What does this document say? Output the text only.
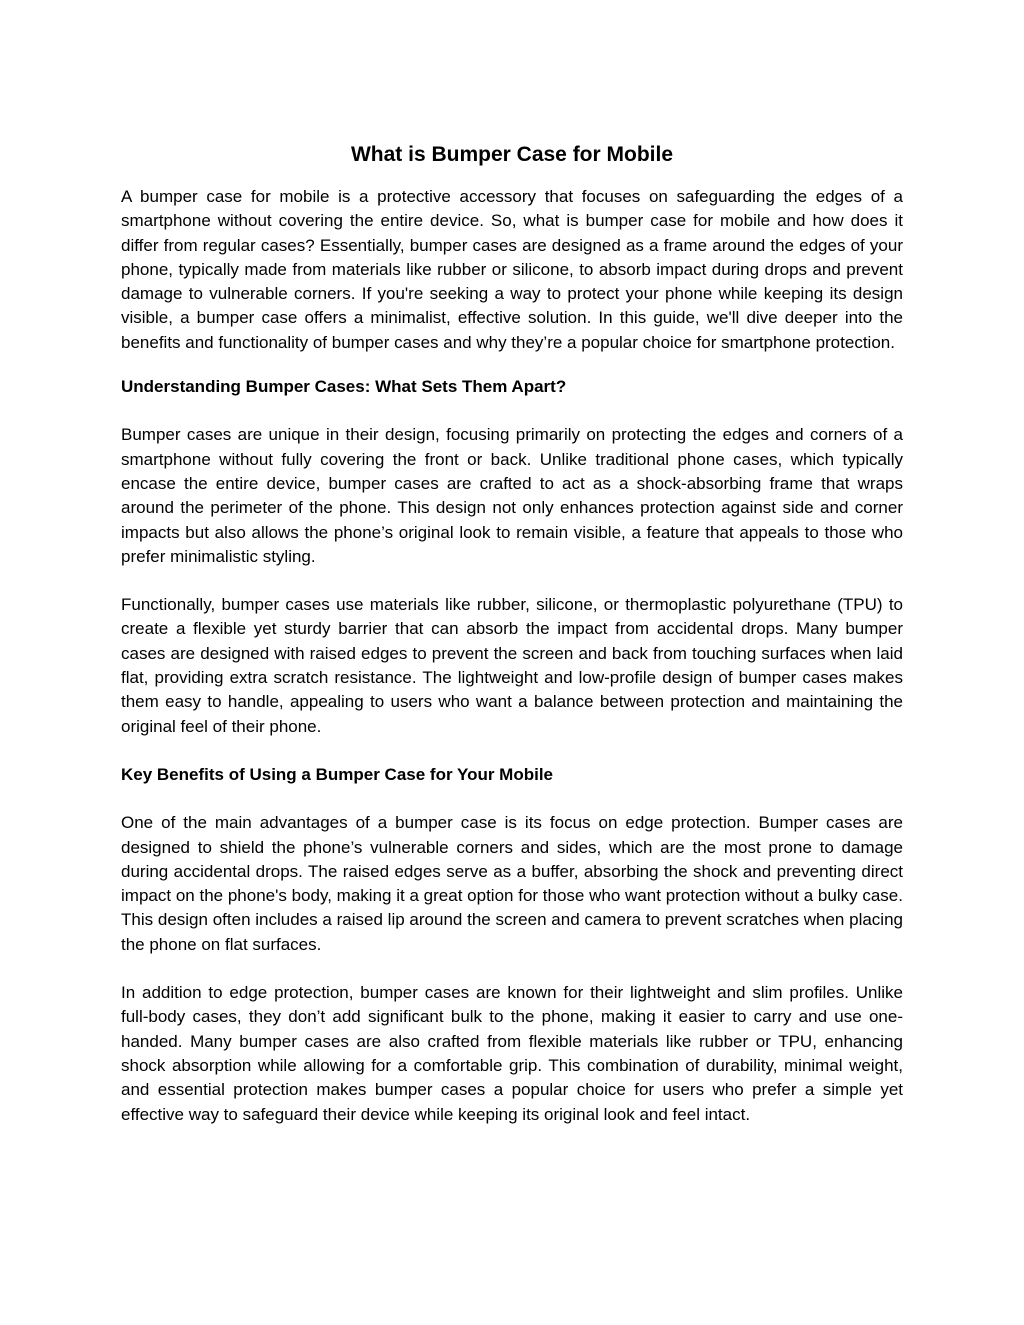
What is Bumper Case for Mobile

A bumper case for mobile is a protective accessory that focuses on safeguarding the edges of a smartphone without covering the entire device. So, what is bumper case for mobile and how does it differ from regular cases? Essentially, bumper cases are designed as a frame around the edges of your phone, typically made from materials like rubber or silicone, to absorb impact during drops and prevent damage to vulnerable corners. If you're seeking a way to protect your phone while keeping its design visible, a bumper case offers a minimalist, effective solution. In this guide, we'll dive deeper into the benefits and functionality of bumper cases and why they’re a popular choice for smartphone protection.

Understanding Bumper Cases: What Sets Them Apart?

Bumper cases are unique in their design, focusing primarily on protecting the edges and corners of a smartphone without fully covering the front or back. Unlike traditional phone cases, which typically encase the entire device, bumper cases are crafted to act as a shock-absorbing frame that wraps around the perimeter of the phone. This design not only enhances protection against side and corner impacts but also allows the phone’s original look to remain visible, a feature that appeals to those who prefer minimalistic styling.

Functionally, bumper cases use materials like rubber, silicone, or thermoplastic polyurethane (TPU) to create a flexible yet sturdy barrier that can absorb the impact from accidental drops. Many bumper cases are designed with raised edges to prevent the screen and back from touching surfaces when laid flat, providing extra scratch resistance. The lightweight and low-profile design of bumper cases makes them easy to handle, appealing to users who want a balance between protection and maintaining the original feel of their phone.

Key Benefits of Using a Bumper Case for Your Mobile

One of the main advantages of a bumper case is its focus on edge protection. Bumper cases are designed to shield the phone’s vulnerable corners and sides, which are the most prone to damage during accidental drops. The raised edges serve as a buffer, absorbing the shock and preventing direct impact on the phone's body, making it a great option for those who want protection without a bulky case. This design often includes a raised lip around the screen and camera to prevent scratches when placing the phone on flat surfaces.

In addition to edge protection, bumper cases are known for their lightweight and slim profiles. Unlike full-body cases, they don’t add significant bulk to the phone, making it easier to carry and use one-handed. Many bumper cases are also crafted from flexible materials like rubber or TPU, enhancing shock absorption while allowing for a comfortable grip. This combination of durability, minimal weight, and essential protection makes bumper cases a popular choice for users who prefer a simple yet effective way to safeguard their device while keeping its original look and feel intact.
